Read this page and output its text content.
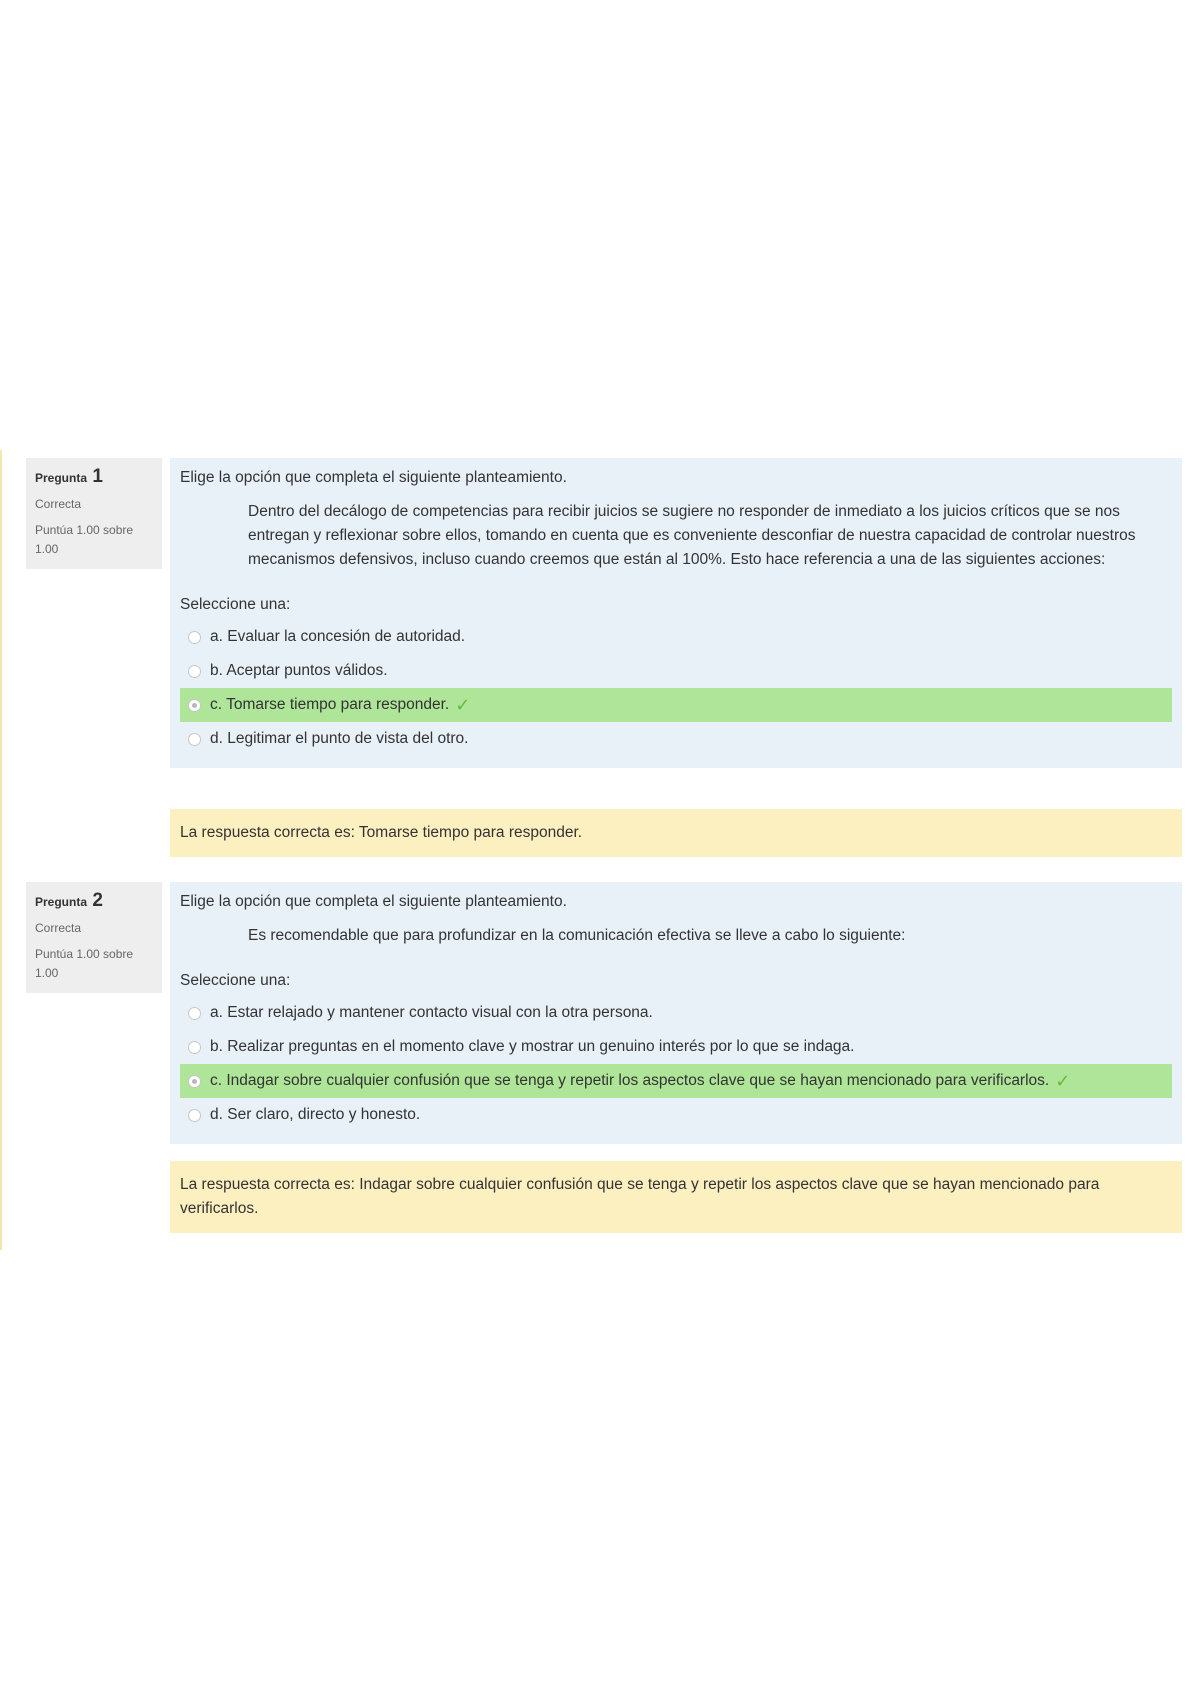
Pregunta 1
Correcta
Puntúa 1.00 sobre 1.00
Elige la opción que completa el siguiente planteamiento.
Dentro del decálogo de competencias para recibir juicios se sugiere no responder de inmediato a los juicios críticos que se nos entregan y reflexionar sobre ellos, tomando en cuenta que es conveniente desconfiar de nuestra capacidad de controlar nuestros mecanismos defensivos, incluso cuando creemos que están al 100%. Esto hace referencia a una de las siguientes acciones:
Seleccione una:
a. Evaluar la concesión de autoridad.
b. Aceptar puntos válidos.
c. Tomarse tiempo para responder. ✓
d. Legitimar el punto de vista del otro.
La respuesta correcta es: Tomarse tiempo para responder.
Pregunta 2
Correcta
Puntúa 1.00 sobre 1.00
Elige la opción que completa el siguiente planteamiento.
Es recomendable que para profundizar en la comunicación efectiva se lleve a cabo lo siguiente:
Seleccione una:
a. Estar relajado y mantener contacto visual con la otra persona.
b. Realizar preguntas en el momento clave y mostrar un genuino interés por lo que se indaga.
c. Indagar sobre cualquier confusión que se tenga y repetir los aspectos clave que se hayan mencionado para verificarlos. ✓
d. Ser claro, directo y honesto.
La respuesta correcta es: Indagar sobre cualquier confusión que se tenga y repetir los aspectos clave que se hayan mencionado para verificarlos.
